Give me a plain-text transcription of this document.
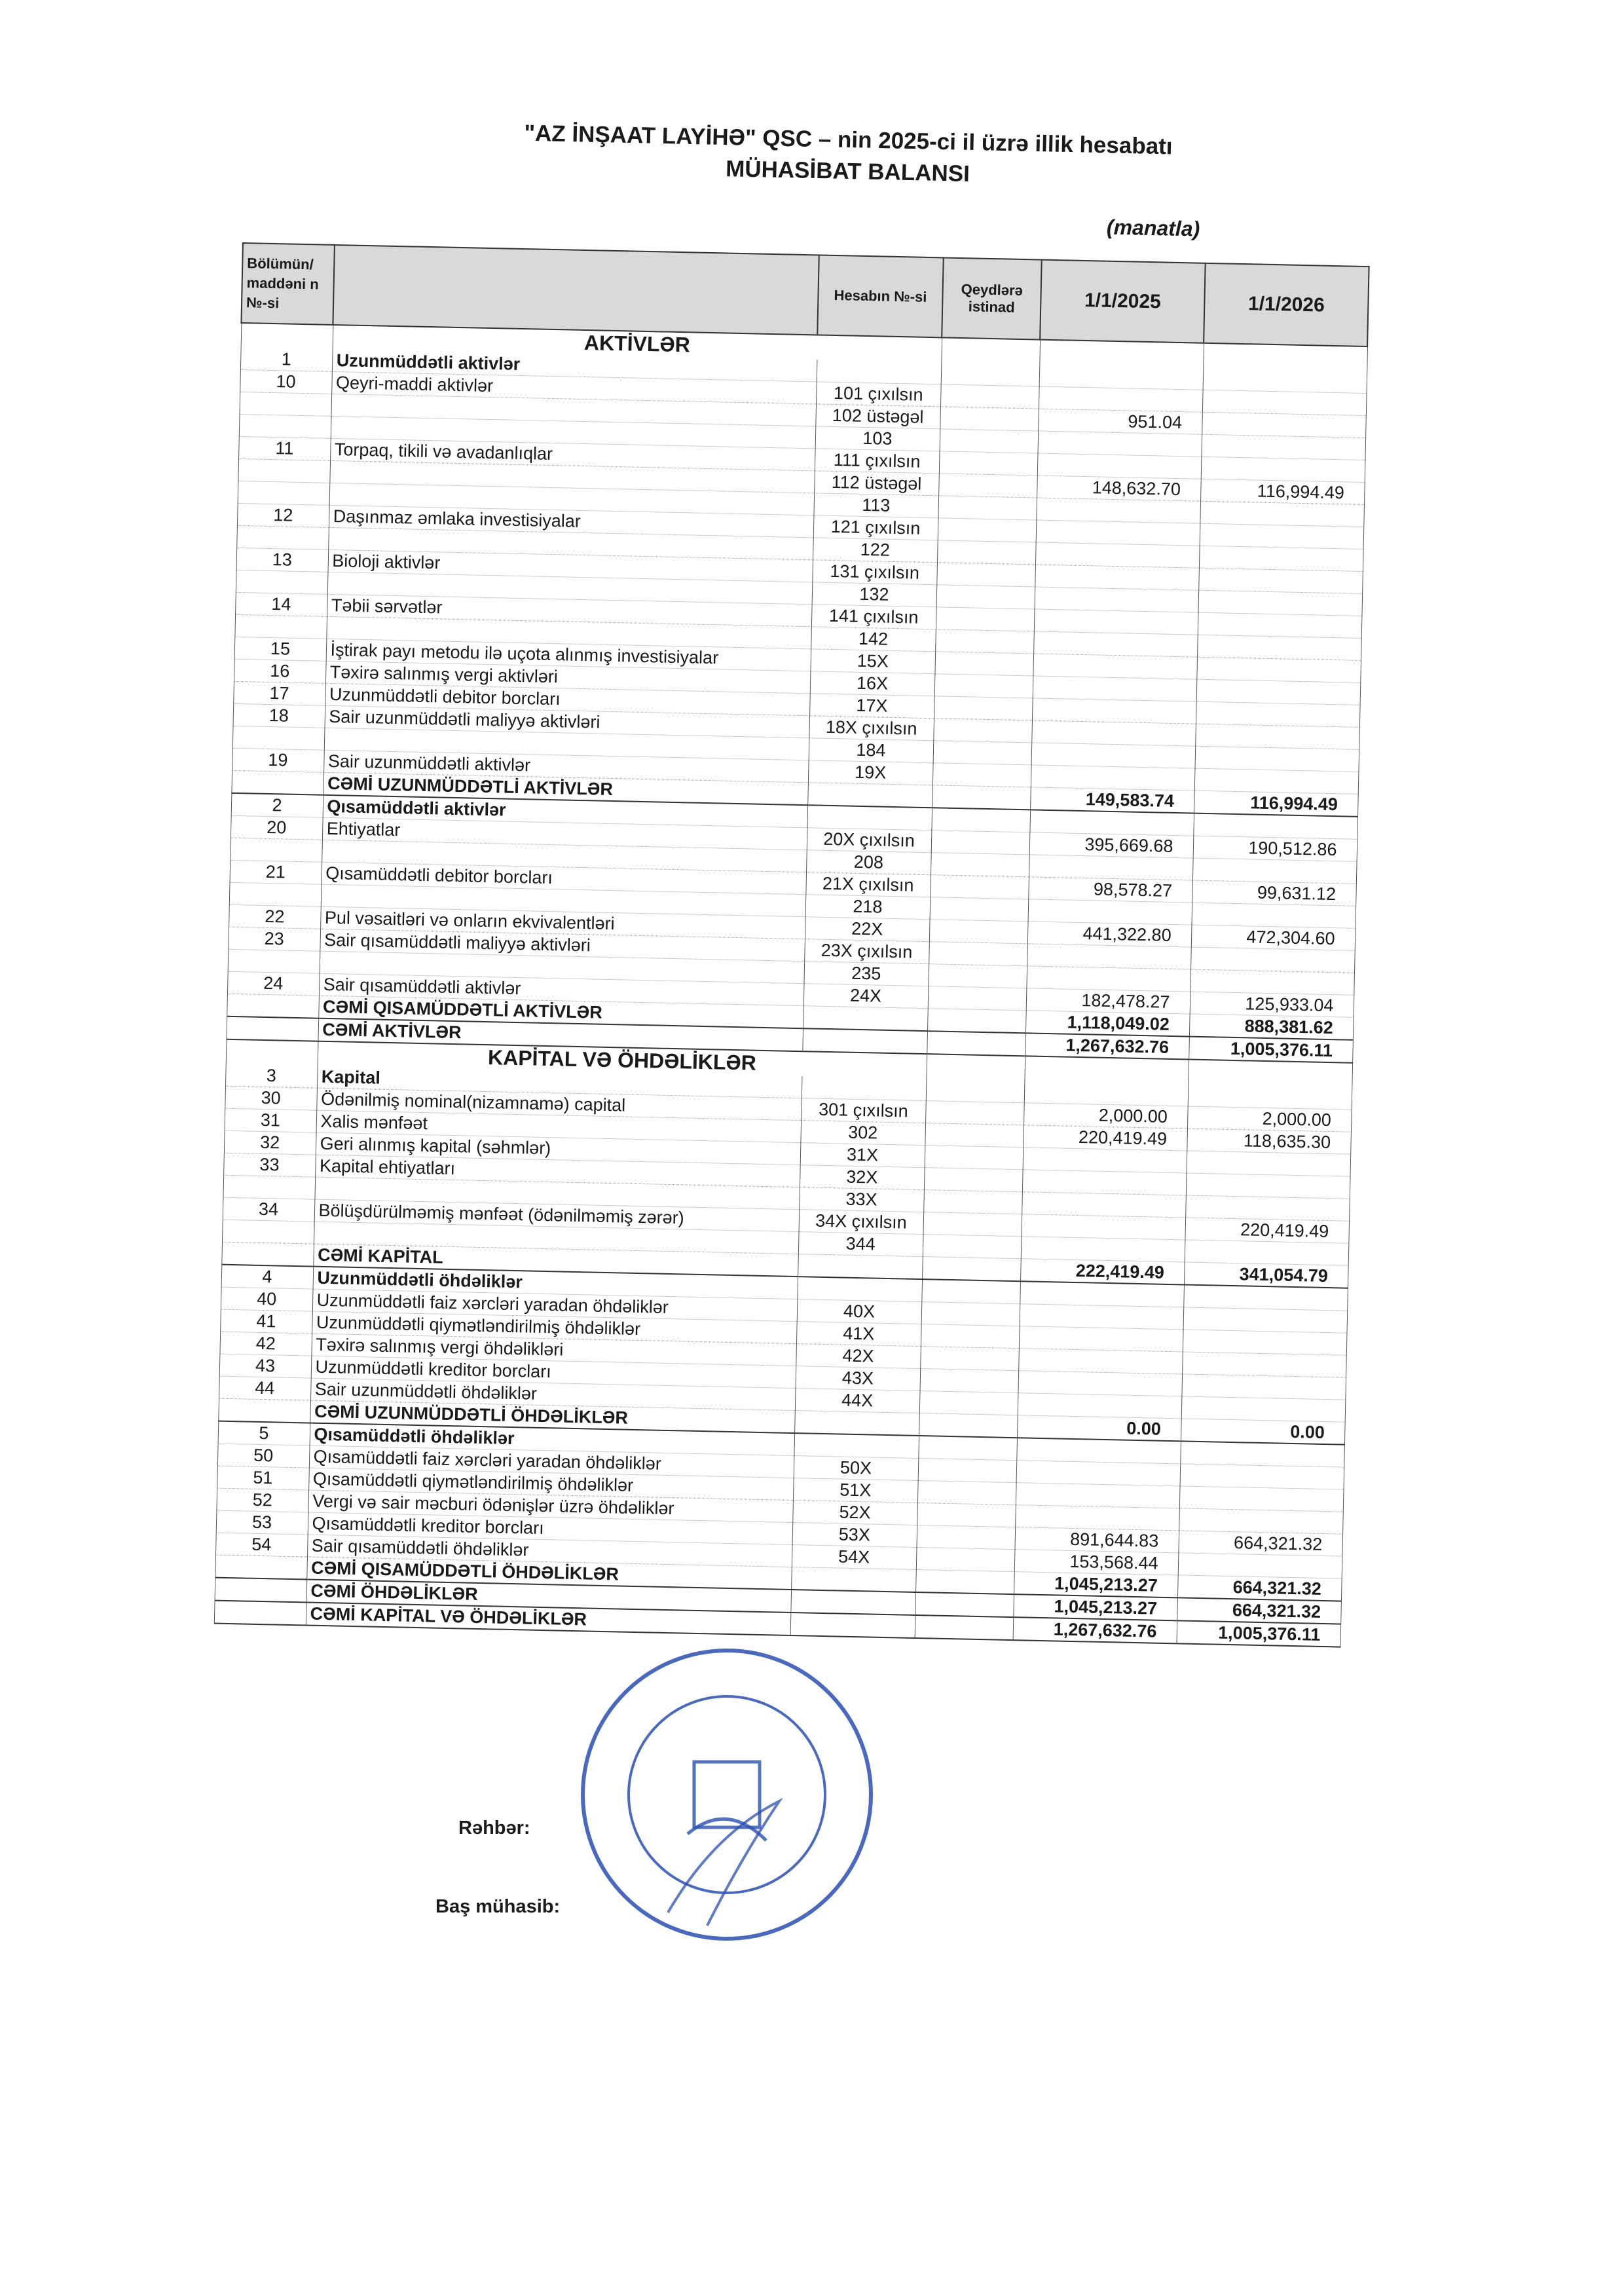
"AZ İNŞAAT LAYİHƏ" QSC – nin 2025-ci il üzrə illik hesabatı
MÜHASİBAT BALANSI
(manatla)
Bölümün/ maddəni n №-si		Hesabın №-si	Qeydlərə istinad	1/1/2025	1/1/2026
	AKTİVLƏR				
1	Uzunmüddətli aktivlər				
10	Qeyri-maddi aktivlər	101 çıxılsın			
		102 üstəgəl		951.04	
		103			
11	Torpaq, tikili və avadanlıqlar	111 çıxılsın			
		112 üstəgəl		148,632.70	116,994.49
		113			
12	Daşınmaz əmlaka investisiyalar	121 çıxılsın			
		122			
13	Bioloji aktivlər	131 çıxılsın			
		132			
14	Təbii sərvətlər	141 çıxılsın			
		142			
15	İştirak payı metodu ilə uçota alınmış investisiyalar	15X			
16	Təxirə salınmış vergi aktivləri	16X			
17	Uzunmüddətli debitor borcları	17X			
18	Sair uzunmüddətli maliyyə aktivləri	18X çıxılsın			
		184			
19	Sair uzunmüddətli aktivlər	19X			
	CƏMİ UZUNMÜDDƏTLİ AKTİVLƏR			149,583.74	116,994.49
2	Qısamüddətli aktivlər				
20	Ehtiyatlar	20X çıxılsın		395,669.68	190,512.86
		208			
21	Qısamüddətli debitor borcları	21X çıxılsın		98,578.27	99,631.12
		218			
22	Pul vəsaitləri və onların ekvivalentləri	22X		441,322.80	472,304.60
23	Sair qısamüddətli maliyyə aktivləri	23X çıxılsın			
		235			
24	Sair qısamüddətli aktivlər	24X		182,478.27	125,933.04
	CƏMİ QISAMÜDDƏTLİ AKTİVLƏR			1,118,049.02	888,381.62
	CƏMİ AKTİVLƏR			1,267,632.76	1,005,376.11
	KAPİTAL VƏ ÖHDƏLİKLƏR				
3	Kapital				
30	Ödənilmiş nominal(nizamnamə) capital	301 çıxılsın		2,000.00	2,000.00
31	Xalis mənfəət	302		220,419.49	118,635.30
32	Geri alınmış kapital (səhmlər)	31X			
33	Kapital ehtiyatları	32X			
		33X			
34	Bölüşdürülməmiş mənfəət (ödənilməmiş zərər)	34X çıxılsın			220,419.49
		344			
	CƏMİ KAPİTAL			222,419.49	341,054.79
4	Uzunmüddətli öhdəliklər				
40	Uzunmüddətli faiz xərcləri yaradan öhdəliklər	40X			
41	Uzunmüddətli qiymətləndirilmiş öhdəliklər	41X			
42	Təxirə salınmış vergi öhdəlikləri	42X			
43	Uzunmüddətli kreditor borcları	43X			
44	Sair uzunmüddətli öhdəliklər	44X			
	CƏMİ UZUNMÜDDƏTLİ ÖHDƏLİKLƏR			0.00	0.00
5	Qısamüddətli öhdəliklər				
50	Qısamüddətli faiz xərcləri yaradan öhdəliklər	50X			
51	Qısamüddətli qiymətləndirilmiş öhdəliklər	51X			
52	Vergi və sair məcburi ödənişlər üzrə öhdəliklər	52X			
53	Qısamüddətli kreditor borcları	53X		891,644.83	664,321.32
54	Sair qısamüddətli öhdəliklər	54X		153,568.44	
	CƏMİ QISAMÜDDƏTLİ ÖHDƏLİKLƏR			1,045,213.27	664,321.32
	CƏMİ ÖHDƏLİKLƏR			1,045,213.27	664,321.32
	CƏMİ KAPİTAL VƏ ÖHDƏLİKLƏR			1,267,632.76	1,005,376.11
Rəhbər:
Baş mühasib:
